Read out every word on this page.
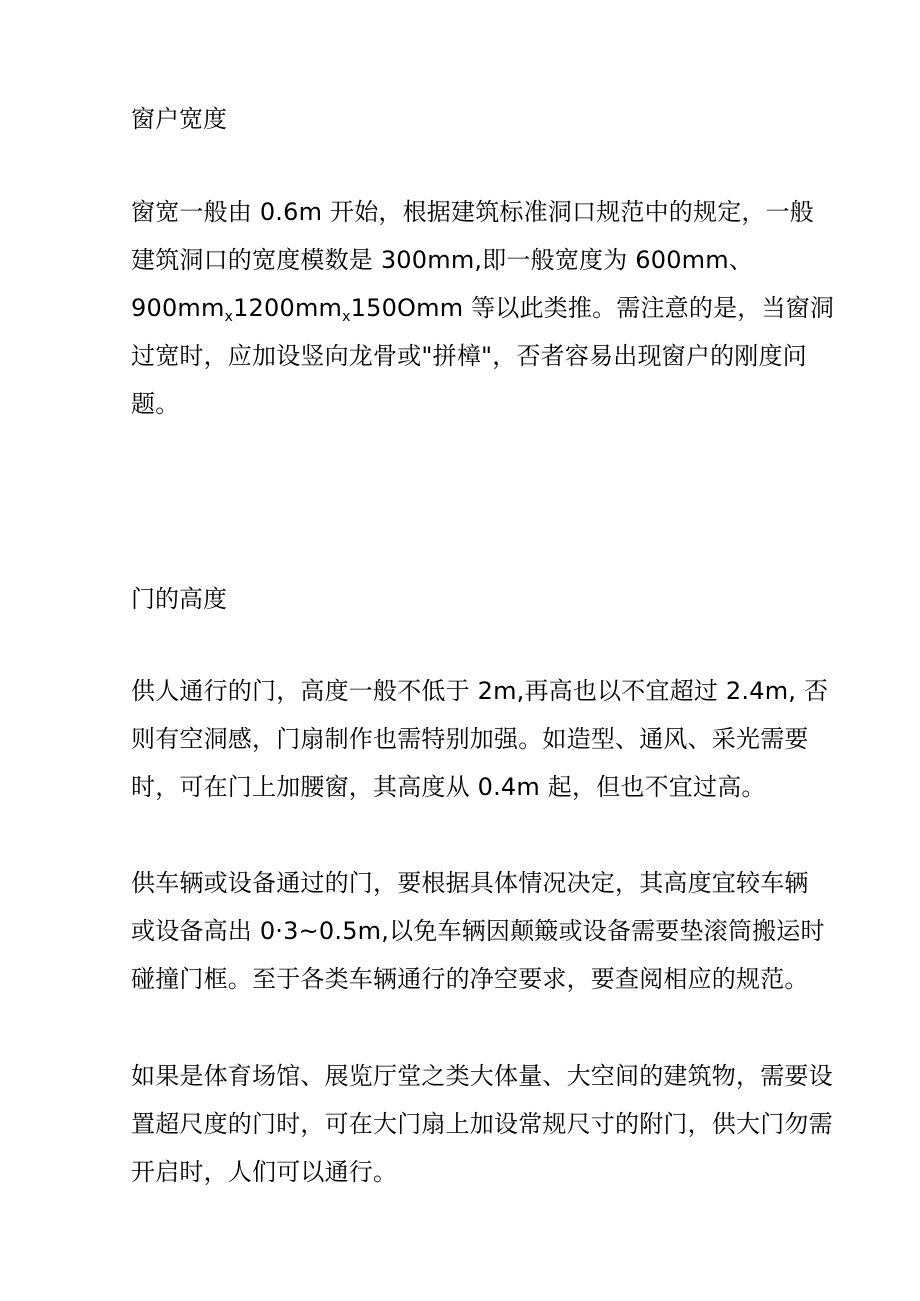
窗户宽度
窗宽一般由 0.6m 开始，根据建筑标准洞口规范中的规定，一般
建筑洞口的宽度模数是 300mm,即一般宽度为 600mm、
$900mm_x1200mm_x150Omm$ 等以此类推。需注意的是，当窗洞
过宽时，应加设竖向龙骨或"拼樟"，否者容易出现窗户的刚度问
题。
门的高度
供人通行的门，高度一般不低于 2m,再高也以不宜超过 2.4m, 否
则有空洞感，门扇制作也需特别加强。如造型、通风、采光需要
时，可在门上加腰窗，其高度从 0.4m 起，但也不宜过高。
供车辆或设备通过的门，要根据具体情况决定，其高度宜较车辆
或设备高出 0·3~0.5m,以免车辆因颠簸或设备需要垫滚筒搬运时
碰撞门框。至于各类车辆通行的净空要求，要查阅相应的规范。
如果是体育场馆、展览厅堂之类大体量、大空间的建筑物，需要设
置超尺度的门时，可在大门扇上加设常规尺寸的附门，供大门勿需
开启时，人们可以通行。
